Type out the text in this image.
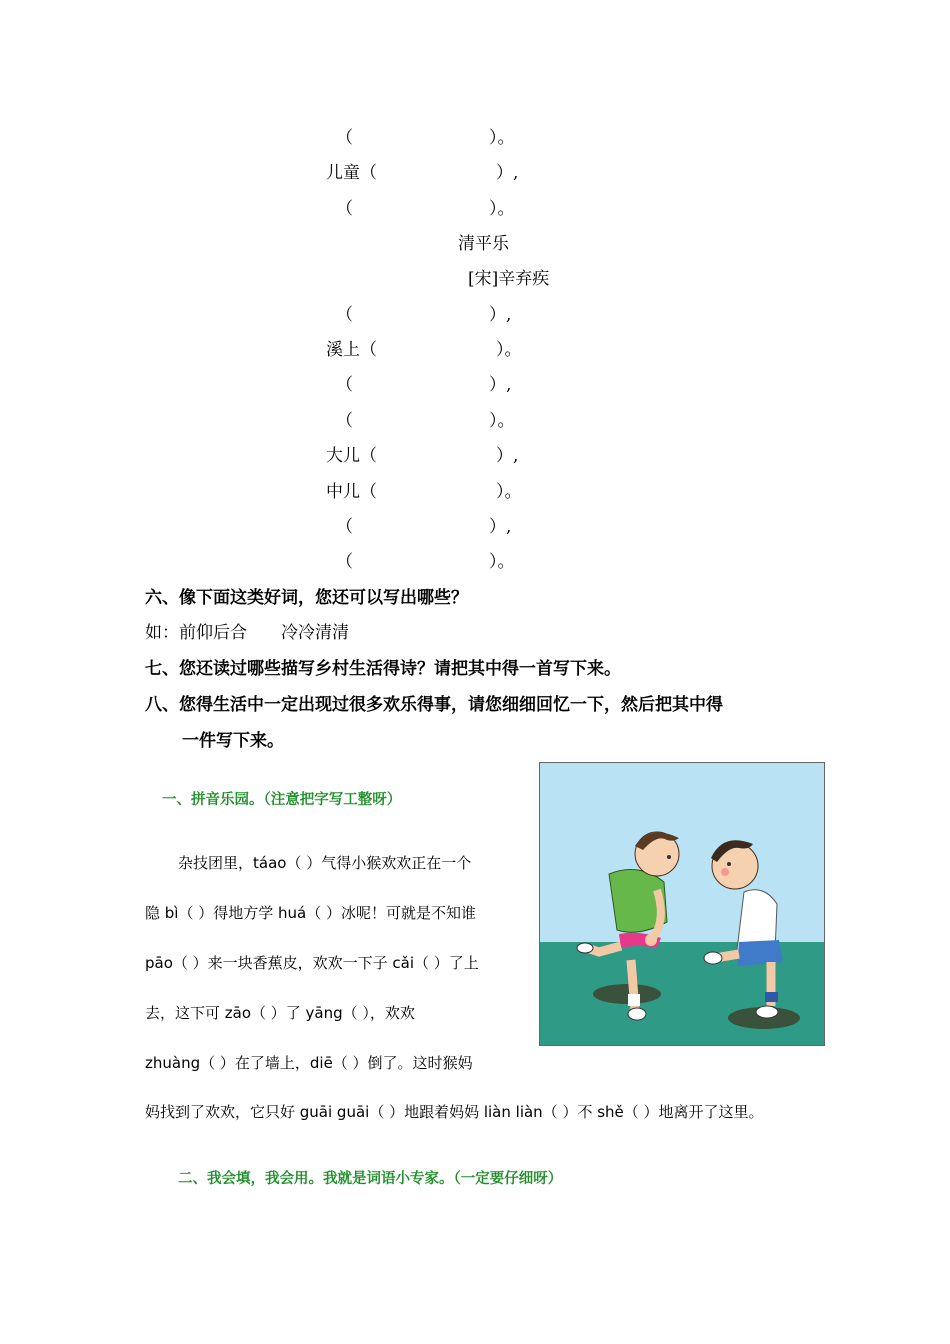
（　　　　　　　　）。
儿童（　　　　　　　）,
（　　　　　　　　）。
清平乐
[宋]辛弃疾
（　　　　　　　　）,
溪上（　　　　　　　）。
（　　　　　　　　）,
（　　　　　　　　）。
大儿（　　　　　　　）,
中儿（　　　　　　　）。
（　　　　　　　　）,
（　　　　　　　　）。
六、像下面这类好词，您还可以写出哪些？
如：前仰后合　　冷冷清清
七、您还读过哪些描写乡村生活得诗？请把其中得一首写下来。
八、您得生活中一定出现过很多欢乐得事，请您细细回忆一下，然后把其中得
一件写下来。
一、拼音乐园。（注意把字写工整呀）
杂技团里，táao（ ）气得小猴欢欢正在一个
隐 bì（ ）得地方学 huá（ ）冰呢！可就是不知谁
pāo（ ）来一块香蕉皮，欢欢一下子 cǎi（ ）了上
去，这下可 zāo（ ）了 yāng（ ），欢欢
zhuàng（ ）在了墙上，diē（ ）倒了。这时猴妈
妈找到了欢欢，它只好 guāi guāi（ ）地跟着妈妈 liàn liàn（ ）不 shě（ ）地离开了这里。
二、我会填，我会用。我就是词语小专家。（一定要仔细呀）
